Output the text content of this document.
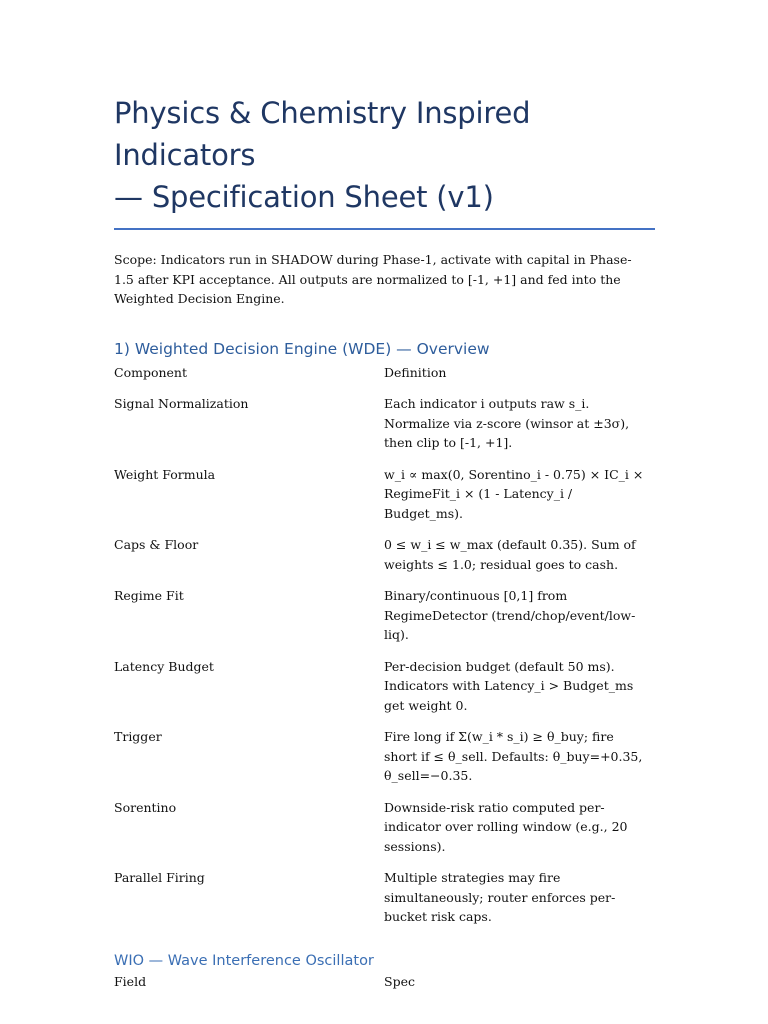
Physics & Chemistry Inspired Indicators
— Specification Sheet (v1)
Scope: Indicators run in SHADOW during Phase-1, activate with capital in Phase-1.5 after KPI acceptance. All outputs are normalized to [-1, +1] and fed into the Weighted Decision Engine.
1) Weighted Decision Engine (WDE) — Overview
Component	Definition
Signal Normalization	Each indicator i outputs raw s_i. Normalize via z-score (winsor at ±3σ), then clip to [-1, +1].
Weight Formula	w_i ∝ max(0, Sorentino_i - 0.75) × IC_i × RegimeFit_i × (1 - Latency_i / Budget_ms).
Caps & Floor	0 ≤ w_i ≤ w_max (default 0.35). Sum of weights ≤ 1.0; residual goes to cash.
Regime Fit	Binary/continuous [0,1] from RegimeDetector (trend/chop/event/low-liq).
Latency Budget	Per-decision budget (default 50 ms). Indicators with Latency_i > Budget_ms get weight 0.
Trigger	Fire long if Σ(w_i * s_i) ≥ θ_buy; fire short if ≤ θ_sell. Defaults: θ_buy=+0.35, θ_sell=−0.35.
Sorentino	Downside-risk ratio computed per-indicator over rolling window (e.g., 20 sessions).
Parallel Firing	Multiple strategies may fire simultaneously; router enforces per-bucket risk caps.
WIO — Wave Interference Oscillator
Field	Spec
